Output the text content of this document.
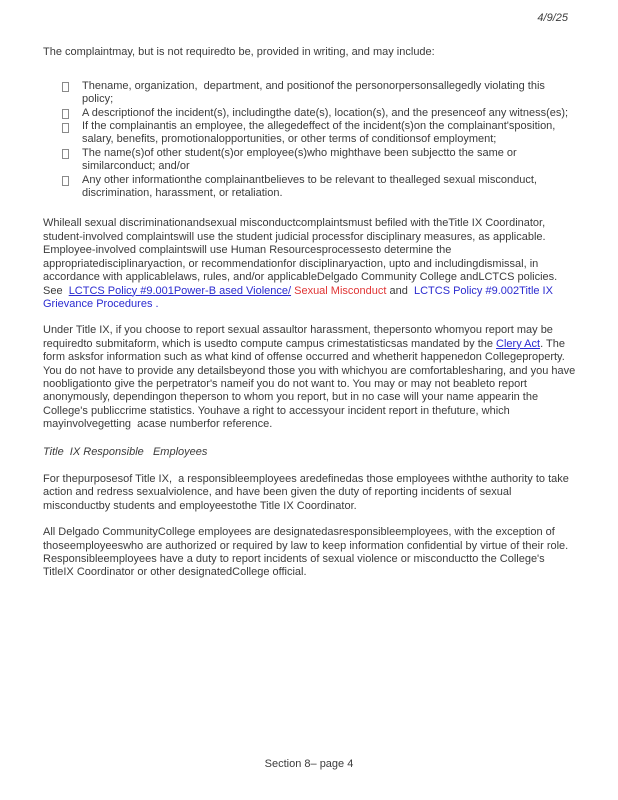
4/9/25

The complaintmay, but is not requiredto be, provided in writing, and may include:

Thename, organization,  department, and positionof the personorpersonsallegedly violating this policy;
A descriptionof the incident(s), includingthe date(s), location(s), and the presenceof any witness(es);
If the complainantis an employee, the allegedeffect of the incident(s)on the complainant'sposition, salary, benefits, promotionalopportunities, or other terms of conditionsof employment;
The name(s)of other student(s)or employee(s)who mighthave been subjectto the same or similarconduct; and/or
Any other informationthe complainantbelieves to be relevant to thealleged sexual misconduct, discrimination, harassment, or retaliation.

Whileall sexual discriminationandsexual misconductcomplaintsmust befiled with theTitle IX Coordinator, student-involved complaintswill use the student judicial processfor disciplinary measures, as applicable. Employee-involved complaintswill use Human Resourcesprocessesto determine the appropriatedisciplinaryaction, or recommendationfor disciplinaryaction, upto and includingdismissal, in accordance with applicablelaws, rules, and/or applicableDelgado Community College andLCTCS policies. See  LCTCS Policy #9.001Power-B ased Violence/ Sexual Misconduct and  LCTCS Policy #9.002Title IX Grievance Procedures .

Under Title IX, if you choose to report sexual assaultor harassment, thepersonto whomyou report may be requiredto submitaform, which is usedto compute campus crimestatisticsas mandated by the Clery Act. The form asksfor information such as what kind of offense occurred and whetherit happenedon Collegeproperty. You do not have to provide any detailsbeyond those you with whichyou are comfortablesharing, and you have noobligationto give the perpetrator's nameif you do not want to. You may or may not beableto report anonymously, dependingon theperson to whom you report, but in no case will your name appearin the College's publiccrime statistics. Youhave a right to accessyour incident report in thefuture, which mayinvolvegetting  acase numberfor reference.

Title  IX Responsible   Employees

For thepurposesof Title IX,  a responsibleemployees aredefinedas those employees withthe authority to take action and redress sexualviolence, and have been given the duty of reporting incidents of sexual misconductby students and employeestothe Title IX Coordinator.

All Delgado CommunityCollege employees are designatedasresponsibleemployees, with the exception of thoseemployeeswho are authorized or required by law to keep information confidential by virtue of their role. Responsibleemployees have a duty to report incidents of sexual violence or misconductto the College's TitleIX Coordinator or other designatedCollege official.

Section 8– page 4
